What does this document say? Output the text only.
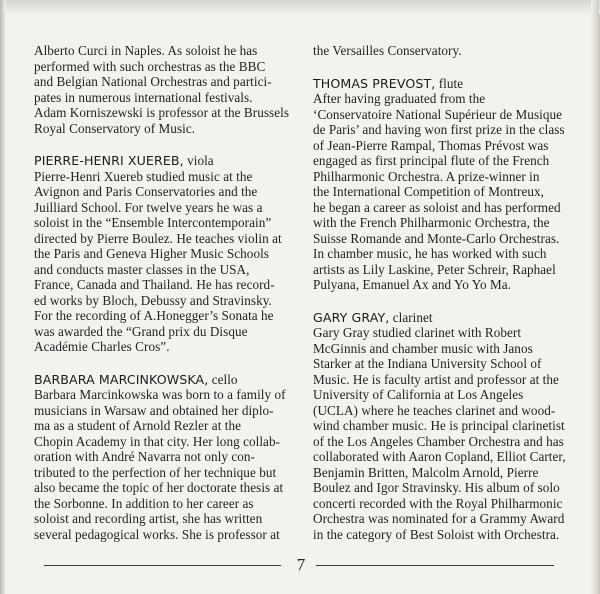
Alberto Curci in Naples. As soloist he has
performed with such orchestras as the BBC
and Belgian National Orchestras and partici-
pates in numerous international festivals.
Adam Korniszewski is professor at the Brussels
Royal Conservatory of Music.
PIERRE-HENRI XUEREB, viola
Pierre-Henri Xuereb studied music at the
Avignon and Paris Conservatories and the
Juilliard School. For twelve years he was a
soloist in the “Ensemble Intercontemporain”
directed by Pierre Boulez. He teaches violin at
the Paris and Geneva Higher Music Schools
and conducts master classes in the USA,
France, Canada and Thailand. He has record-
ed works by Bloch, Debussy and Stravinsky.
For the recording of A.Honegger’s Sonata he
was awarded the “Grand prix du Disque
Académie Charles Cros”.
BARBARA MARCINKOWSKA, cello
Barbara Marcinkowska was born to a family of
musicians in Warsaw and obtained her diplo-
ma as a student of Arnold Rezler at the
Chopin Academy in that city. Her long collab-
oration with André Navarra not only con-
tributed to the perfection of her technique but
also became the topic of her doctorate thesis at
the Sorbonne. In addition to her career as
soloist and recording artist, she has written
several pedagogical works. She is professor at
the Versailles Conservatory.
THOMAS PREVOST, flute
After having graduated from the
‘Conservatoire National Supérieur de Musique
de Paris’ and having won first prize in the class
of Jean-Pierre Rampal, Thomas Prévost was
engaged as first principal flute of the French
Philharmonic Orchestra. A prize-winner in
the International Competition of Montreux,
he began a career as soloist and has performed
with the French Philharmonic Orchestra, the
Suisse Romande and Monte-Carlo Orchestras.
In chamber music, he has worked with such
artists as Lily Laskine, Peter Schreir, Raphael
Pulyana, Emanuel Ax and Yo Yo Ma.
GARY GRAY, clarinet
Gary Gray studied clarinet with Robert
McGinnis and chamber music with Janos
Starker at the Indiana University School of
Music. He is faculty artist and professor at the
University of California at Los Angeles
(UCLA) where he teaches clarinet and wood-
wind chamber music. He is principal clarinetist
of the Los Angeles Chamber Orchestra and has
collaborated with Aaron Copland, Elliot Carter,
Benjamin Britten, Malcolm Arnold, Pierre
Boulez and Igor Stravinsky. His album of solo
concerti recorded with the Royal Philharmonic
Orchestra was nominated for a Grammy Award
in the category of Best Soloist with Orchestra.
7
